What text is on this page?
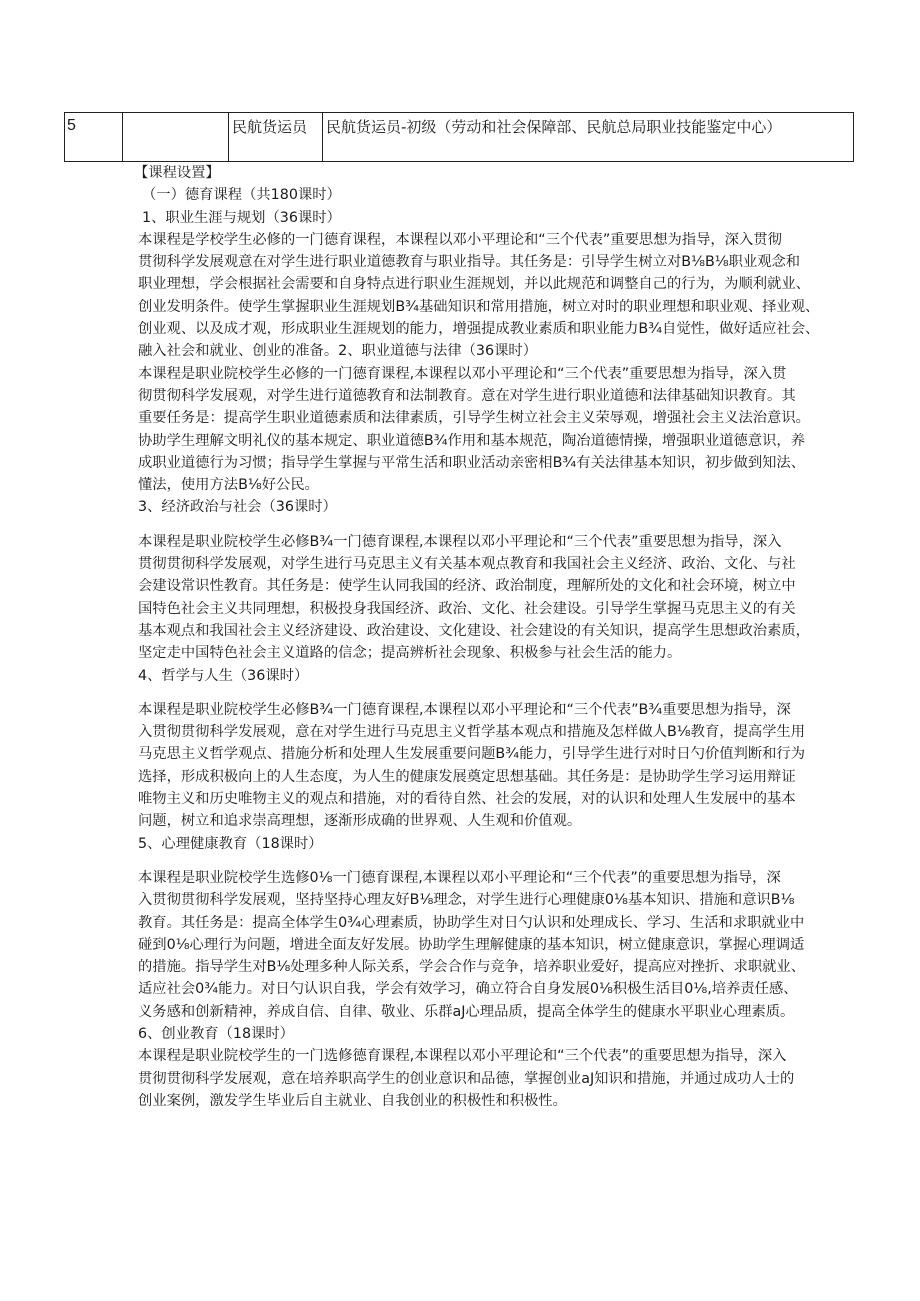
5	民航货运员	民航货运员-初级（劳动和社会保障部、民航总局职业技能鉴定中心）
【课程设置】
（一）德育课程（共180课时）
1、职业生涯与规划（36课时）
本课程是学校学生必修的一门德育课程，本课程以邓小平理论和“三个代表”重要思想为指导，深入贯彻
贯彻科学发展观意在对学生进行职业道德教育与职业指导。其任务是：引导学生树立对B⅛B⅛职业观念和
职业理想，学会根据社会需要和自身特点进行职业生涯规划，并以此规范和调整自己的行为，为顺利就业、
创业发明条件。使学生掌握职业生涯规划B¾基础知识和常用措施，树立对时的职业理想和职业观、择业观、
创业观、以及成才观，形成职业生涯规划的能力，增强提成教业素质和职业能力B¾自觉性，做好适应社会、
融入社会和就业、创业的准备。2、职业道德与法律（36课时）
本课程是职业院校学生必修的一门德育课程,本课程以邓小平理论和“三个代表”重要思想为指导，深入贯
彻贯彻科学发展观，对学生进行道德教育和法制教育。意在对学生进行职业道德和法律基础知识教育。其
重要任务是：提高学生职业道德素质和法律素质，引导学生树立社会主义荣辱观，增强社会主义法治意识。
协助学生理解文明礼仪的基本规定、职业道德B¾作用和基本规范，陶冶道德情操，增强职业道德意识，养
成职业道德行为习惯；指导学生掌握与平常生活和职业活动亲密相B¾有关法律基本知识，初步做到知法、
懂法，使用方法B⅛好公民。
3、经济政治与社会（36课时）
本课程是职业院校学生必修B¾一门德育课程,本课程以邓小平理论和“三个代表”重要思想为指导，深入
贯彻贯彻科学发展观，对学生进行马克思主义有关基本观点教育和我国社会主义经济、政治、文化、与社
会建设常识性教育。其任务是：使学生认同我国的经济、政治制度，理解所处的文化和社会环境，树立中
国特色社会主义共同理想，积极投身我国经济、政治、文化、社会建设。引导学生掌握马克思主义的有关
基本观点和我国社会主义经济建设、政治建设、文化建设、社会建设的有关知识，提高学生思想政治素质，
坚定走中国特色社会主义道路的信念；提高辨析社会现象、积极参与社会生活的能力。
4、哲学与人生（36课时）
本课程是职业院校学生必修B¾一门德育课程,本课程以邓小平理论和“三个代表”B¾重要思想为指导，深
入贯彻贯彻科学发展观，意在对学生进行马克思主义哲学基本观点和措施及怎样做人B⅛教育，提高学生用
马克思主义哲学观点、措施分析和处理人生发展重要问题B¾能力，引导学生进行对时日勺价值判断和行为
选择，形成积极向上的人生态度，为人生的健康发展奠定思想基础。其任务是：是协助学生学习运用辩证
唯物主义和历史唯物主义的观点和措施，对的看待自然、社会的发展，对的认识和处理人生发展中的基本
问题，树立和追求崇高理想，逐渐形成确的世界观、人生观和价值观。
5、心理健康教育（18课时）
本课程是职业院校学生选修0⅛一门德育课程,本课程以邓小平理论和“三个代表”的重要思想为指导，深
入贯彻贯彻科学发展观，坚持坚持心理友好B⅛理念，对学生进行心理健康0⅛基本知识、措施和意识B⅛
教育。其任务是：提高全体学生0¾心理素质，协助学生对日勺认识和处理成长、学习、生活和求职就业中
碰到0⅛心理行为问题，增进全面友好发展。协助学生理解健康的基本知识，树立健康意识，掌握心理调适
的措施。指导学生对B⅛处理多种人际关系，学会合作与竞争，培养职业爱好，提高应对挫折、求职就业、
适应社会0¾能力。对日勺认识自我，学会有效学习，确立符合自身发展0⅛积极生活目0⅛,培养责任感、
义务感和创新精神，养成自信、自律、敬业、乐群aJ心理品质，提高全体学生的健康水平职业心理素质。
6、创业教育（18课时）
本课程是职业院校学生的一门选修德育课程,本课程以邓小平理论和“三个代表”的重要思想为指导，深入
贯彻贯彻科学发展观，意在培养职高学生的创业意识和品德，掌握创业aJ知识和措施，并通过成功人士的
创业案例，激发学生毕业后自主就业、自我创业的积极性和积极性。
